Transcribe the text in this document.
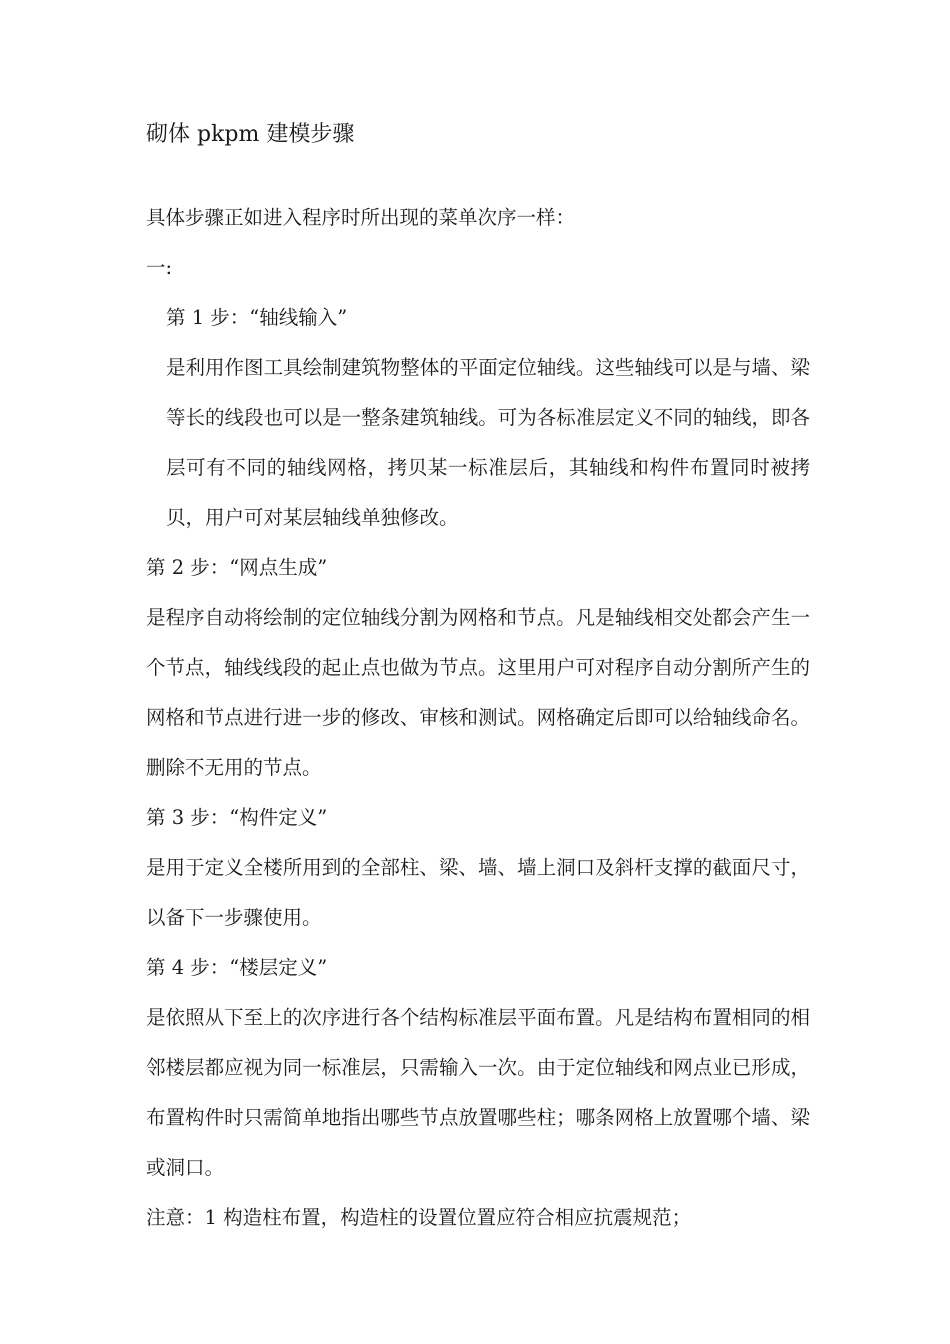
砌体 pkpm 建模步骤

具体步骤正如进入程序时所出现的菜单次序一样：

一:

第 1 步：“轴线输入”

是利用作图工具绘制建筑物整体的平面定位轴线。这些轴线可以是与墙、梁等长的线段也可以是一整条建筑轴线。可为各标准层定义不同的轴线，即各层可有不同的轴线网格，拷贝某一标准层后，其轴线和构件布置同时被拷贝，用户可对某层轴线单独修改。

第 2 步：“网点生成”

是程序自动将绘制的定位轴线分割为网格和节点。凡是轴线相交处都会产生一个节点，轴线线段的起止点也做为节点。这里用户可对程序自动分割所产生的网格和节点进行进一步的修改、审核和测试。网格确定后即可以给轴线命名。删除不无用的节点。

第 3 步：“构件定义”

是用于定义全楼所用到的全部柱、梁、墙、墙上洞口及斜杆支撑的截面尺寸，以备下一步骤使用。

第 4 步：“楼层定义”

是依照从下至上的次序进行各个结构标准层平面布置。凡是结构布置相同的相邻楼层都应视为同一标准层，只需输入一次。由于定位轴线和网点业已形成，布置构件时只需简单地指出哪些节点放置哪些柱；哪条网格上放置哪个墙、梁或洞口。

注意：1 构造柱布置，构造柱的设置位置应符合相应抗震规范；
